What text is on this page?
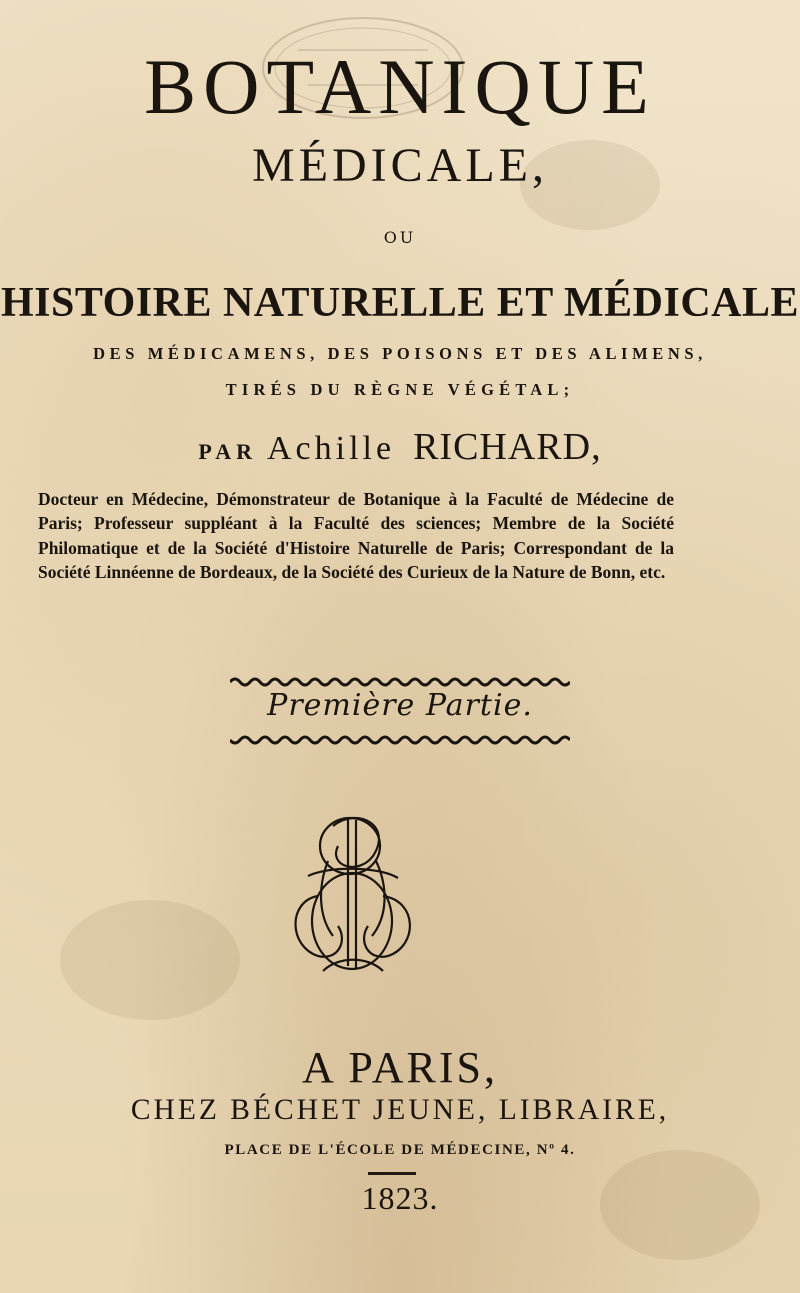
BOTANIQUE
MÉDICALE,
OU
HISTOIRE NATURELLE ET MÉDICALE
DES MÉDICAMENS, DES POISONS ET DES ALIMENS,
TIRÉS DU RÈGNE VÉGÉTAL;
PAR Achille RICHARD,
Docteur en Médecine, Démonstrateur de Botanique à la Faculté de Médecine de Paris; Professeur suppléant à la Faculté des sciences; Membre de la Société Philomatique et de la Société d'Histoire Naturelle de Paris; Correspondant de la Société Linnéenne de Bordeaux, de la Société des Curieux de la Nature de Bonn, etc.
Première Partie.
A PARIS,
CHEZ BÉCHET JEUNE, LIBRAIRE,
PLACE DE L'ÉCOLE DE MÉDECINE, Nº 4.
1823.
